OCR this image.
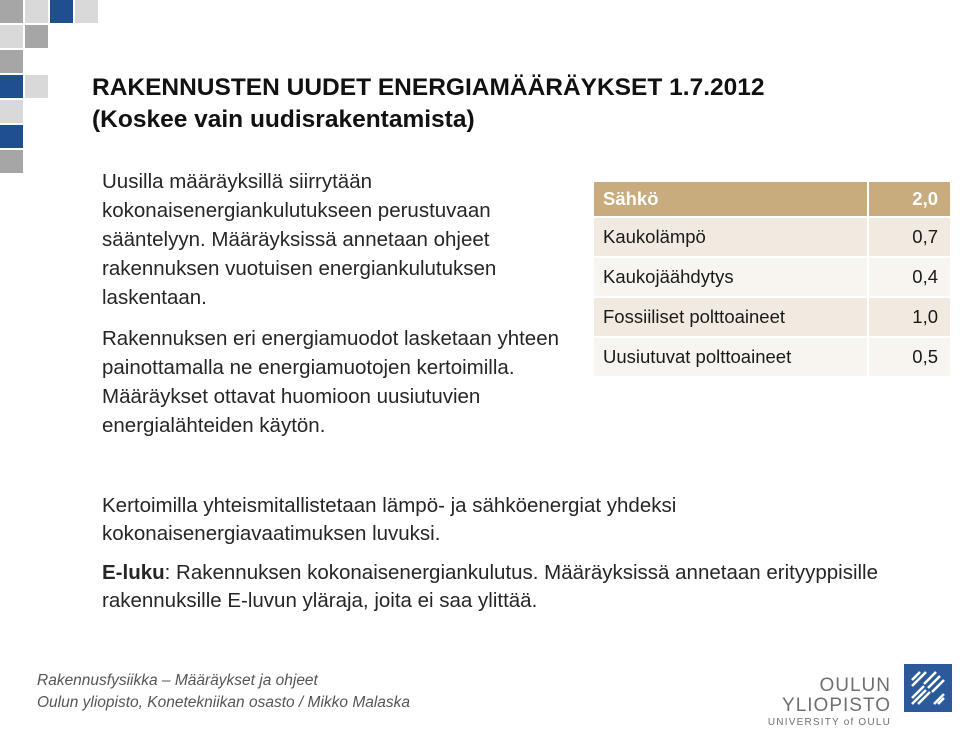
RAKENNUSTEN UUDET ENERGIAMÄÄRÄYKSET 1.7.2012
(Koskee vain uudisrakentamista)

Uusilla määräyksillä siirrytään kokonaisenergiankulutukseen perustuvaan sääntelyyn. Määräyksissä annetaan ohjeet rakennuksen vuotuisen energiankulutuksen laskentaan.

Rakennuksen eri energiamuodot lasketaan yhteen painottamalla ne energiamuotojen kertoimilla. Määräykset ottavat huomioon uusiutuvien energialähteiden käytön.

Sähkö	2,0
Kaukolämpö	0,7
Kaukojäähdytys	0,4
Fossiiliset polttoaineet	1,0
Uusiutuvat polttoaineet	0,5

Kertoimilla yhteismitallistetaan lämpö- ja sähköenergiat yhdeksi kokonaisenergiavaatimuksen luvuksi.

E-luku: Rakennuksen kokonaisenergiankulutus. Määräyksissä annetaan erityyppisille rakennuksille E-luvun yläraja, joita ei saa ylittää.

Rakennusfysiikka – Määräykset ja ohjeet
Oulun yliopisto, Konetekniikan osasto / Mikko Malaska
OULUN YLIOPISTO
UNIVERSITY of OULU
